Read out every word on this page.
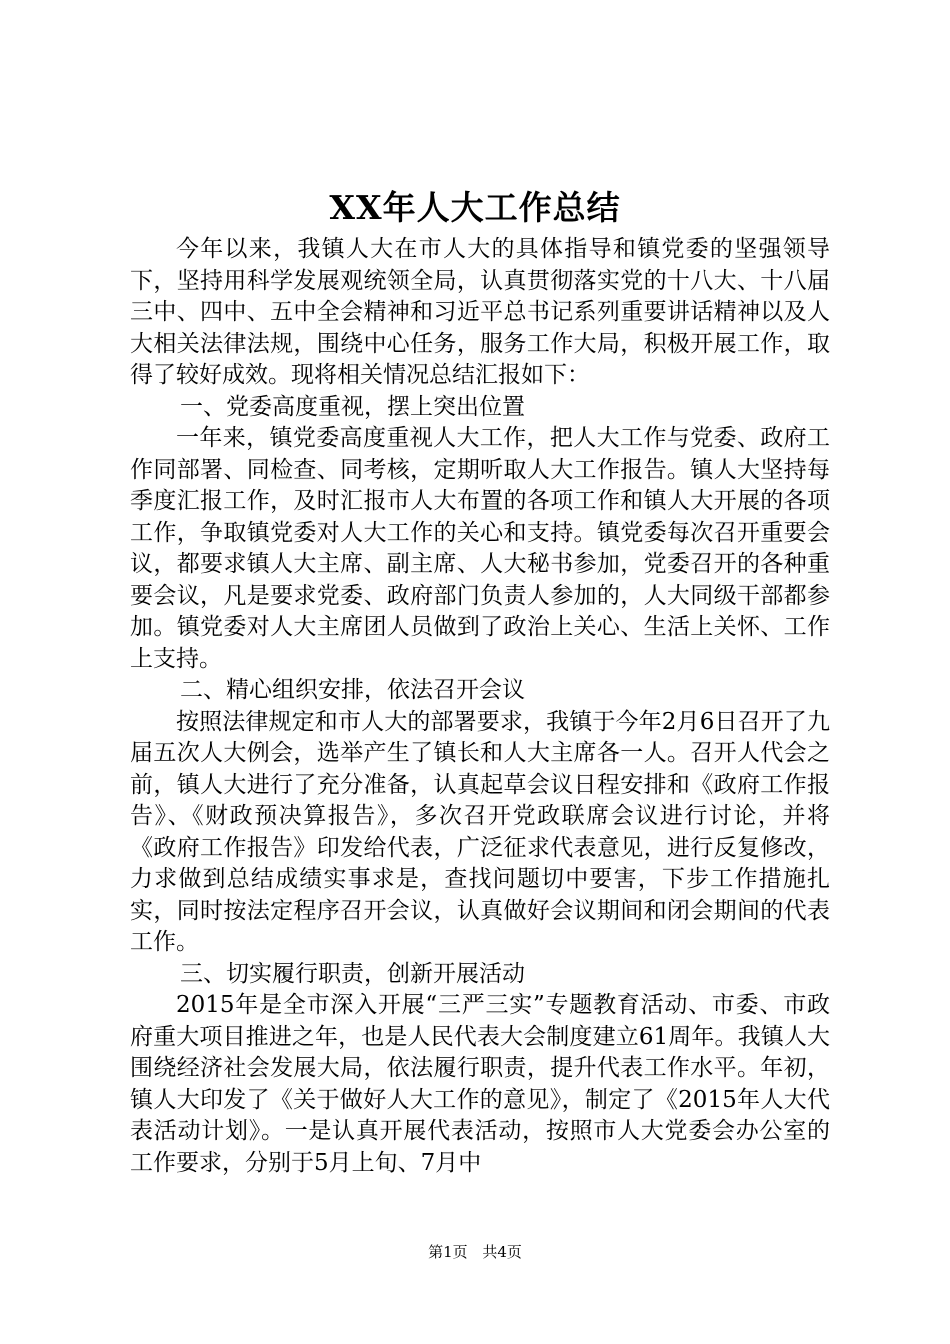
XX年人大工作总结

今年以来，我镇人大在市人大的具体指导和镇党委的坚强领导下，坚持用科学发展观统领全局，认真贯彻落实党的十八大、十八届三中、四中、五中全会精神和习近平总书记系列重要讲话精神以及人大相关法律法规，围绕中心任务，服务工作大局，积极开展工作，取得了较好成效。现将相关情况总结汇报如下：

一、党委高度重视，摆上突出位置

一年来，镇党委高度重视人大工作，把人大工作与党委、政府工作同部署、同检查、同考核，定期听取人大工作报告。镇人大坚持每季度汇报工作，及时汇报市人大布置的各项工作和镇人大开展的各项工作，争取镇党委对人大工作的关心和支持。镇党委每次召开重要会议，都要求镇人大主席、副主席、人大秘书参加，党委召开的各种重要会议，凡是要求党委、政府部门负责人参加的，人大同级干部都参加。镇党委对人大主席团人员做到了政治上关心、生活上关怀、工作上支持。

二、精心组织安排，依法召开会议

按照法律规定和市人大的部署要求，我镇于今年2月6日召开了九届五次人大例会，选举产生了镇长和人大主席各一人。召开人代会之前，镇人大进行了充分准备，认真起草会议日程安排和《政府工作报告》、《财政预决算报告》，多次召开党政联席会议进行讨论，并将《政府工作报告》印发给代表，广泛征求代表意见，进行反复修改，力求做到总结成绩实事求是，查找问题切中要害，下步工作措施扎实，同时按法定程序召开会议，认真做好会议期间和闭会期间的代表工作。

三、切实履行职责，创新开展活动

2015年是全市深入开展“三严三实”专题教育活动、市委、市政府重大项目推进之年，也是人民代表大会制度建立61周年。我镇人大围绕经济社会发展大局，依法履行职责，提升代表工作水平。年初，镇人大印发了《关于做好人大工作的意见》，制定了《2015年人大代表活动计划》。一是认真开展代表活动，按照市人大党委会办公室的工作要求，分别于5月上旬、7月中

第1页 共4页
